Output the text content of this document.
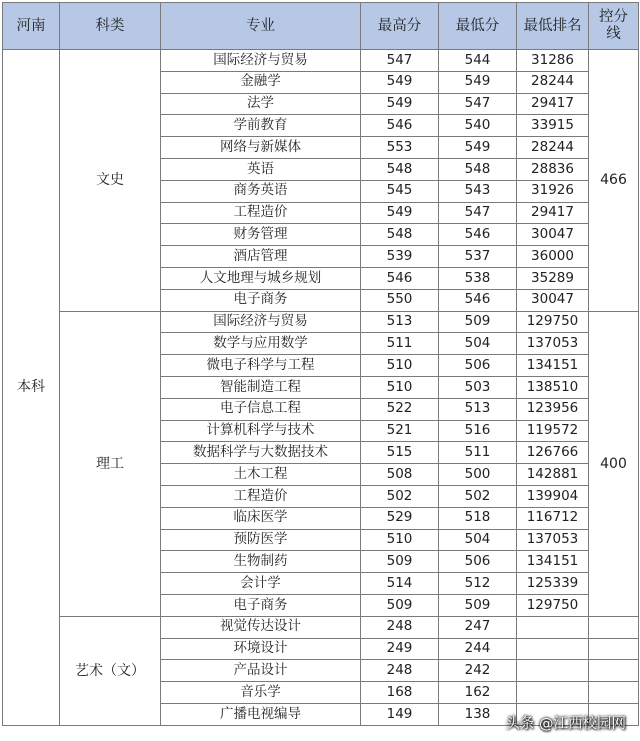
河南	科类	专业	最高分	最低分	最低排名	控分线
本科	文史	国际经济与贸易	547	544	31286	466
		金融学	549	549	28244	
		法学	549	547	29417	
		学前教育	546	540	33915	
		网络与新媒体	553	549	28244	
		英语	548	548	28836	
		商务英语	545	543	31926	
		工程造价	549	547	29417	
		财务管理	548	546	30047	
		酒店管理	539	537	36000	
		人文地理与城乡规划	546	538	35289	
		电子商务	550	546	30047	
	理工	国际经济与贸易	513	509	129750	400
		数学与应用数学	511	504	137053	
		微电子科学与工程	510	506	134151	
		智能制造工程	510	503	138510	
		电子信息工程	522	513	123956	
		计算机科学与技术	521	516	119572	
		数据科学与大数据技术	515	511	126766	
		土木工程	508	500	142881	
		工程造价	502	502	139904	
		临床医学	529	518	116712	
		预防医学	510	504	137053	
		生物制药	509	506	134151	
		会计学	514	512	125339	
		电子商务	509	509	129750	
	艺术（文）	视觉传达设计	248	247		
		环境设计	249	244		
		产品设计	248	242		
		音乐学	168	162		
		广播电视编导	149	138		
头条 @江西校园网
